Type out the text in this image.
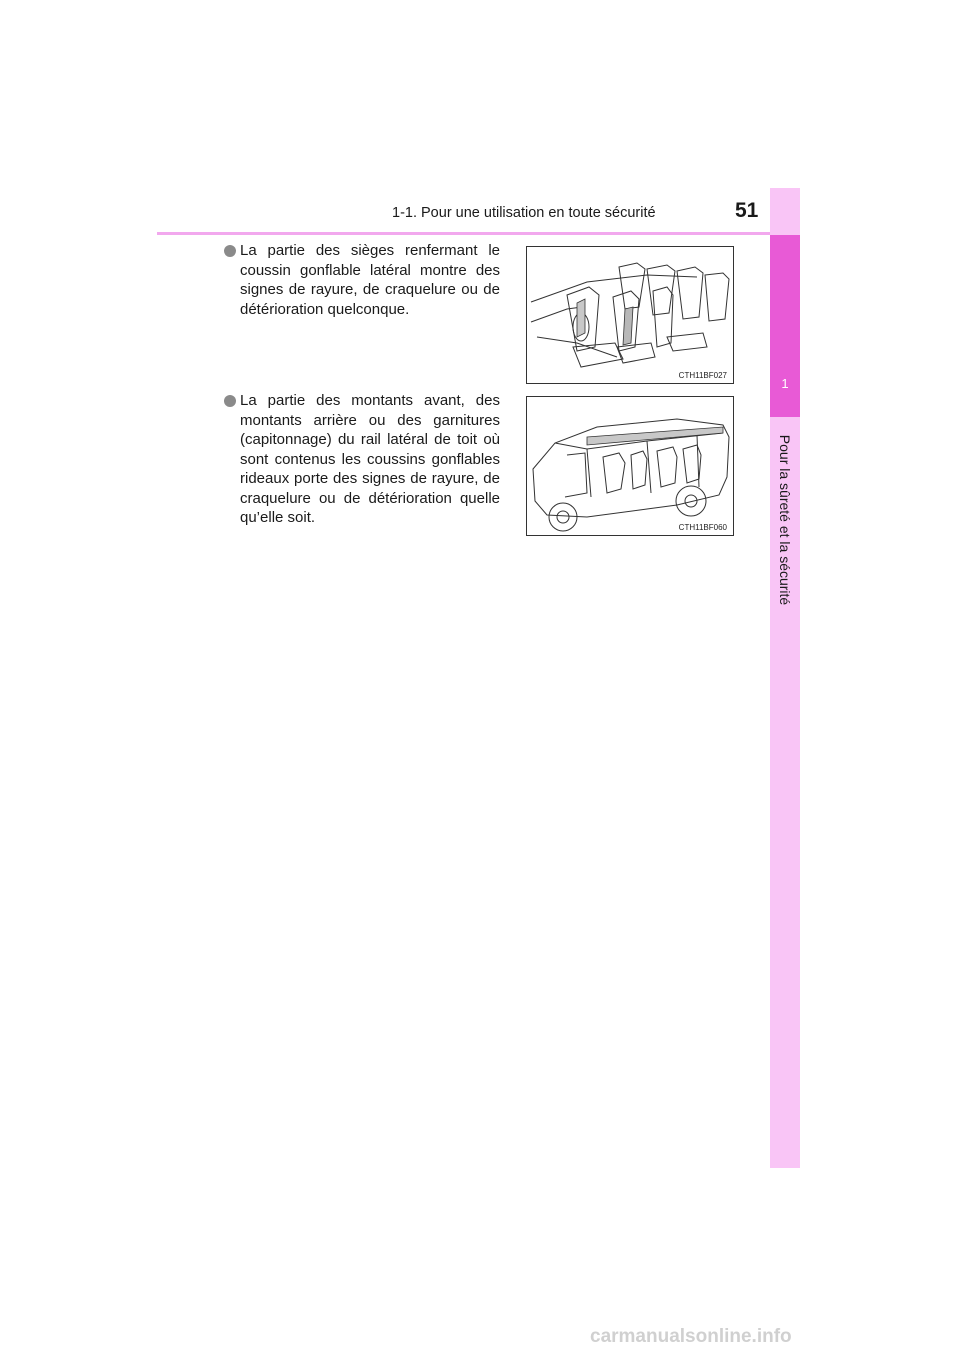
1-1. Pour une utilisation en toute sécurité	51
1
Pour la sûreté et la sécurité
La partie des sièges renfermant le coussin gonflable latéral montre des signes de rayure, de craquelure ou de détérioration quelconque.
CTH11BF027
La partie des montants avant, des montants arrière ou des garnitures (capitonnage) du rail latéral de toit où sont contenus les coussins gonflables rideaux porte des signes de rayure, de craquelure ou de détérioration quelle qu’elle soit.
CTH11BF060
carmanualsonline.info
